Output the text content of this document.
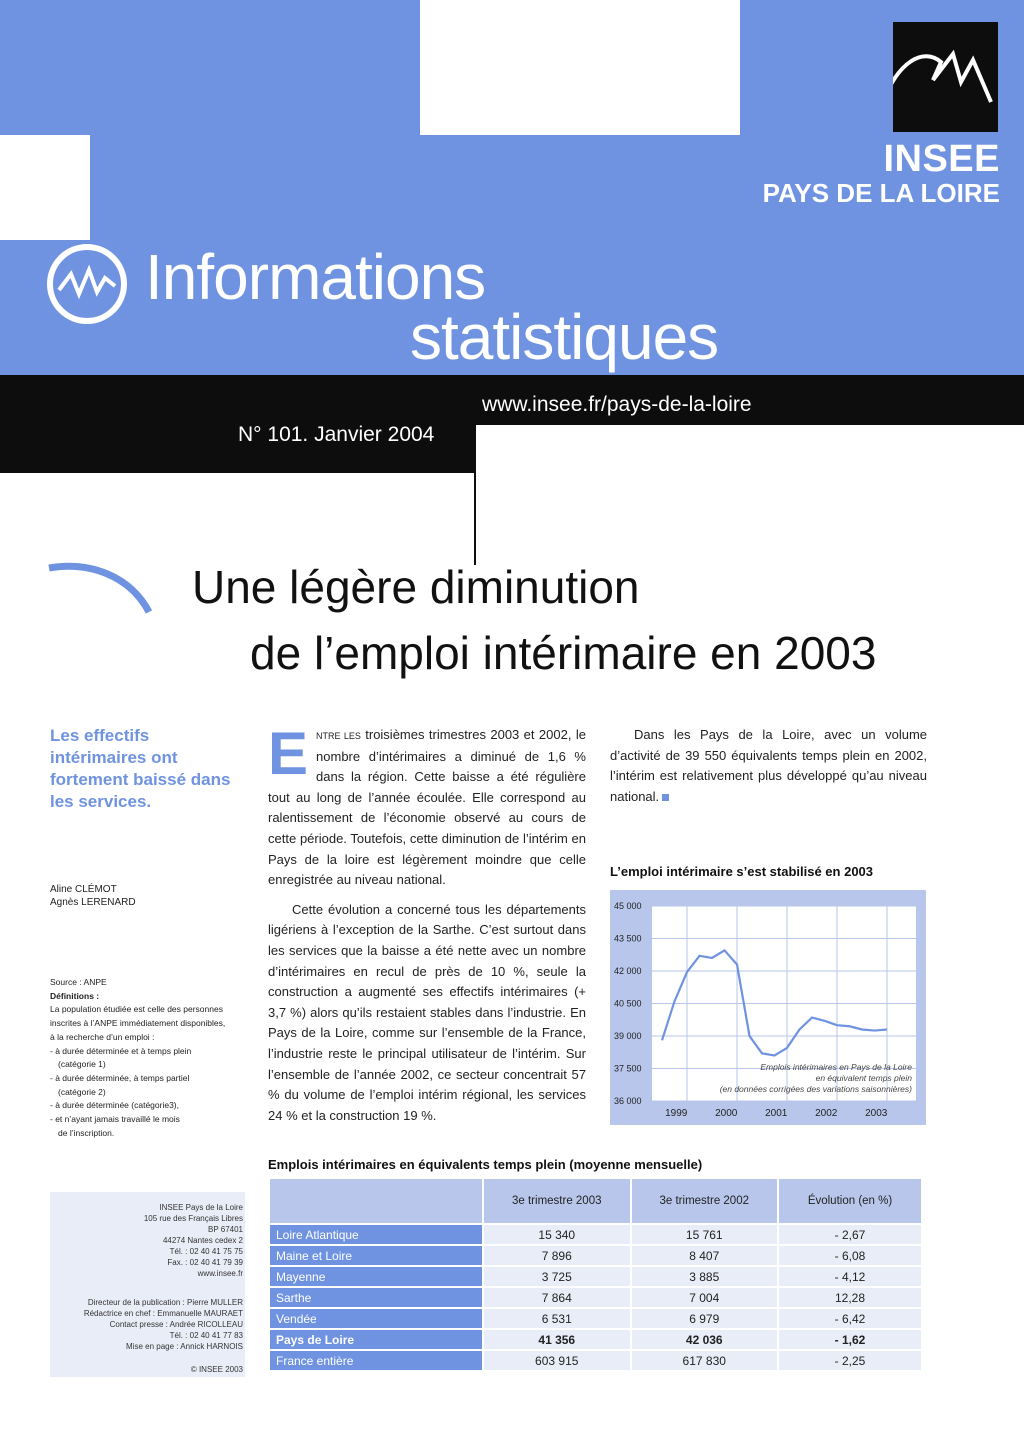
INSEE
PAYS DE LA LOIRE
Informations
statistiques
www.insee.fr/pays-de-la-loire
N° 101. Janvier 2004
Une légère diminution
de l’emploi intérimaire en 2003
Les effectifs intérimaires ont fortement baissé dans les services.
Aline CLÉMOT
Agnès LERENARD
Source : ANPE
Définitions :
La population étudiée est celle des personnes
inscrites à l’ANPE immédiatement disponibles,
à la recherche d’un emploi :
- à durée déterminée et à temps plein
(catégorie 1)
- à durée déterminée, à temps partiel
(catégorie 2)
- à durée déterminée (catégorie3),
- et n’ayant jamais travaillé le mois
de l’inscription.
INSEE Pays de la Loire
105 rue des Français Libres
BP 67401
44274 Nantes cedex 2
Tél. : 02 40 41 75 75
Fax. : 02 40 41 79 39
www.insee.fr
Directeur de la publication : Pierre MULLER
Rédactrice en chef : Emmanuelle MAURAET
Contact presse : Andrée RICOLLEAU
Tél. : 02 40 41 77 83
Mise en page : Annick HARNOIS
© INSEE 2003

ENTRE LES troisièmes trimestres 2003 et 2002, le nombre d’intérimaires a diminué de 1,6 % dans la région. Cette baisse a été régulière tout au long de l’année écoulée. Elle correspond au ralentissement de l’économie observé au cours de cette période. Toutefois, cette diminution de l’intérim en Pays de la loire est légèrement moindre que celle enregistrée au niveau national.

Cette évolution a concerné tous les départements ligériens à l’exception de la Sarthe. C’est surtout dans les services que la baisse a été nette avec un nombre d’intérimaires en recul de près de 10 %, seule la construction a augmenté ses effectifs intérimaires (+ 3,7 %) alors qu’ils restaient stables dans l’industrie. En Pays de la Loire, comme sur l’ensemble de la France, l’industrie reste le principal utilisateur de l’intérim. Sur l’ensemble de l’année 2002, ce secteur concentrait 57 % du volume de l’emploi intérim régional, les services 24 % et la construction 19 %.

Dans les Pays de la Loire, avec un volume d’activité de 39 550 équivalents temps plein en 2002, l’intérim est relativement plus développé qu’au niveau national.
L’emploi intérimaire s’est stabilisé en 2003
45 000
43 500
42 000
40 500
39 000
37 500
36 000
1999	2000	2001	2002	2003
Emplois intérimaires en Pays de la Loire
en équivalent temps plein
(en données corrigées des variations saisonnières)
Emplois intérimaires en équivalents temps plein (moyenne mensuelle)
	3e trimestre 2003	3e trimestre 2002	Évolution (en %)
Loire Atlantique	15 340	15 761	- 2,67
Maine et Loire	7 896	8 407	- 6,08
Mayenne	3 725	3 885	- 4,12
Sarthe	7 864	7 004	12,28
Vendée	6 531	6 979	- 6,42
Pays de Loire	41 356	42 036	- 1,62
France entière	603 915	617 830	- 2,25
